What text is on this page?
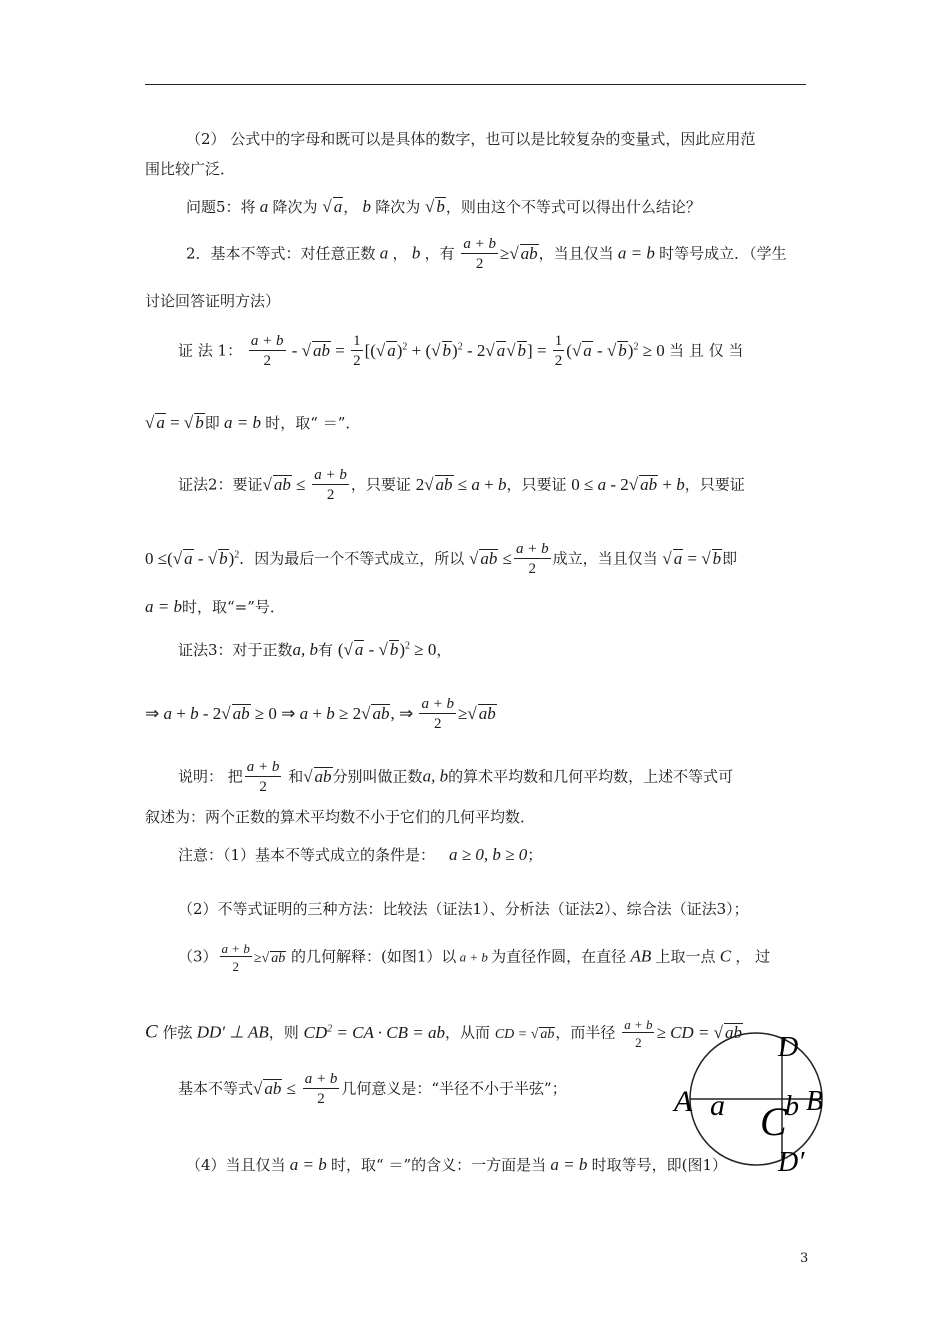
（2） 公式中的字母和既可以是具体的数字，也可以是比较复杂的变量式，因此应用范
围比较广泛．
问题5：将 a 降次为 √ a， b 降次为 √ b，则由这个不等式可以得出什么结论？
2．基本不等式：对任意正数 a ， b ，有 $\frac{a + b}{2}$ ≥√ ab，当且仅当 a = b 时等号成立．（学生
讨论回答证明方法）
证 法 1： $\frac{a + b}{2}$ - √ ab = $\frac{1}{2}$ [(√ a)$^2$ + (√ b)$^2$ - 2√ a√ $b] = \frac{1}{2}$ (√ a - √ b)$^2$ ≥ 0 当 且 仅 当
√ a = √ b即 a = b 时，取“ ＝”．
证法2：要证√ ab ≤ $\frac{a + b}{2}$ ，只要证 2√ ab ≤ a + b，只要证 0 ≤ a - 2√ ab + b，只要证
0 ≤(√ a - √ b)$^2$．因为最后一个不等式成立，所以 √ ab ≤ $\frac{a + b}{2}$ 成立，当且仅当 √ a = √ b即
a = b时，取“=”号．
证法3：对于正数a, b有 (√ a - √ b)$^2$ ≥ 0，
⇒ a + b - 2√ ab ≥ 0 ⇒ a + b ≥ 2√ ab, ⇒ $\frac{a + b}{2}$ ≥√ ab
说明： 把 $\frac{a + b}{2}$ 和√ ab分别叫做正数a, b的算术平均数和几何平均数，上述不等式可
叙述为：两个正数的算术平均数不小于它们的几何平均数．
注意：（1）基本不等式成立的条件是： a ≥ 0, b ≥ 0；
（2）不等式证明的三种方法：比较法（证法1）、分析法（证法2）、综合法（证法3）；
$(3) \frac{a + b}{2}$ ≥√ ab 的几何解释：(如图1）以 a + b 为直径作圆，在直径 AB 上取一点 C ， 过
C 作弦 DD′ ⊥ AB，则 $CD^2$ = CA · CB = ab，从而 CD = √ ab，而半径 $\frac{a + b}{2}$ ≥ CD = √ ab
基本不等式√ ab ≤ $\frac{a + b}{2}$ 几何意义是：“半径不小于半弦”；
（4）当且仅当 a = b 时，取“ ＝”的含义：一方面是当 a = b 时取等号，即(图1）
A a C
b B
D
D′
3
